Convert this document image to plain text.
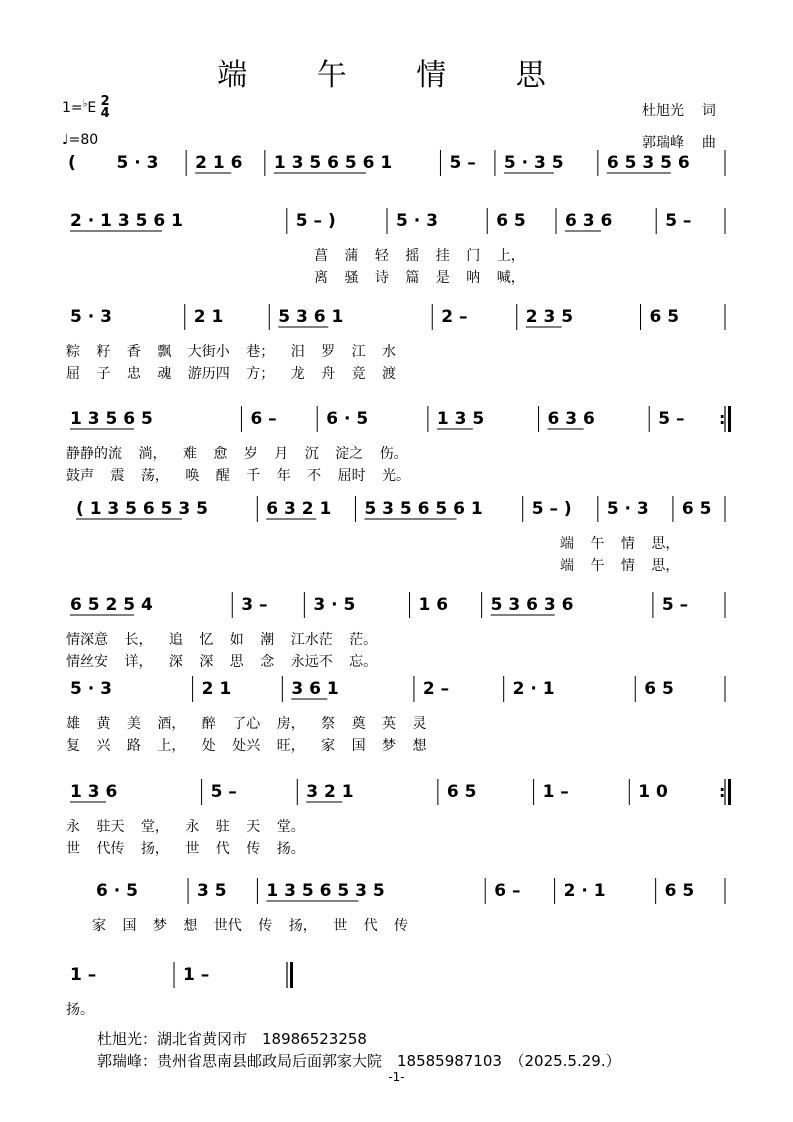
端 午 情 思
1=♭E 2
4
♩=80
杜旭光 词
郭瑞峰 曲
( 5 · 3 2 1 6 1 3 5 6 5 6 1	5 – 5 · 3 5	6 5 3 5 6
2 · 1 3 5 6 1	5 – )	5 · 3	6 5 6 3 6	5 –
菖 蒲 轻 摇 挂 门 上，
离 骚 诗 篇 是 呐 喊，
5 · 3	2 1	5 3 6 1	2 –	2 3 5	6 5
粽 籽 香 飘 大街小 巷； 汨 罗 江 水
屈 子 忠 魂 游历四 方； 龙 舟 竞 渡
1 3 5 6 5	6 –	6 · 5	1 3 5	6 3 6	5 – :
静静的流 淌， 难 愈 岁 月 沉 淀之 伤。
鼓声 震 荡， 唤 醒 千 年 不 屈时 光。
( 1 3 5 6 5 3 5	6 3 2 1 5 3 5 6 5 6 1	5 – ) 5 · 3 6 5
端 午 情 思，
端 午 情 思，
6 5 2 5 4	3 –	3 · 5	1 6	5 3 6 3 6	5 –
情深意 长， 追 忆 如 潮 江水茫 茫。
情丝安 详， 深 深 思 念 永远不 忘。
5 · 3	2 1	3 6 1	2 –	2 · 1	6 5
雄 黄 美 酒， 醉 了心 房， 祭 奠 英 灵
复 兴 路 上， 处 处兴 旺， 家 国 梦 想
1 3 6	5 –	3 2 1	6 5	1 –	1 0	:
永 驻天 堂， 永 驻 天 堂。
世 代传 扬， 世 代 传 扬。
6 · 5	3 5 1 3 5 6 5 3 5	6 –	2 · 1	6 5
家 国 梦 想 世代 传 扬， 世 代 传
1 –	1 –
扬。
杜旭光：湖北省黄冈市　18986523258
郭瑞峰：贵州省思南县邮政局后面郭家大院　18585987103　（2025.5.29.）
-1-
